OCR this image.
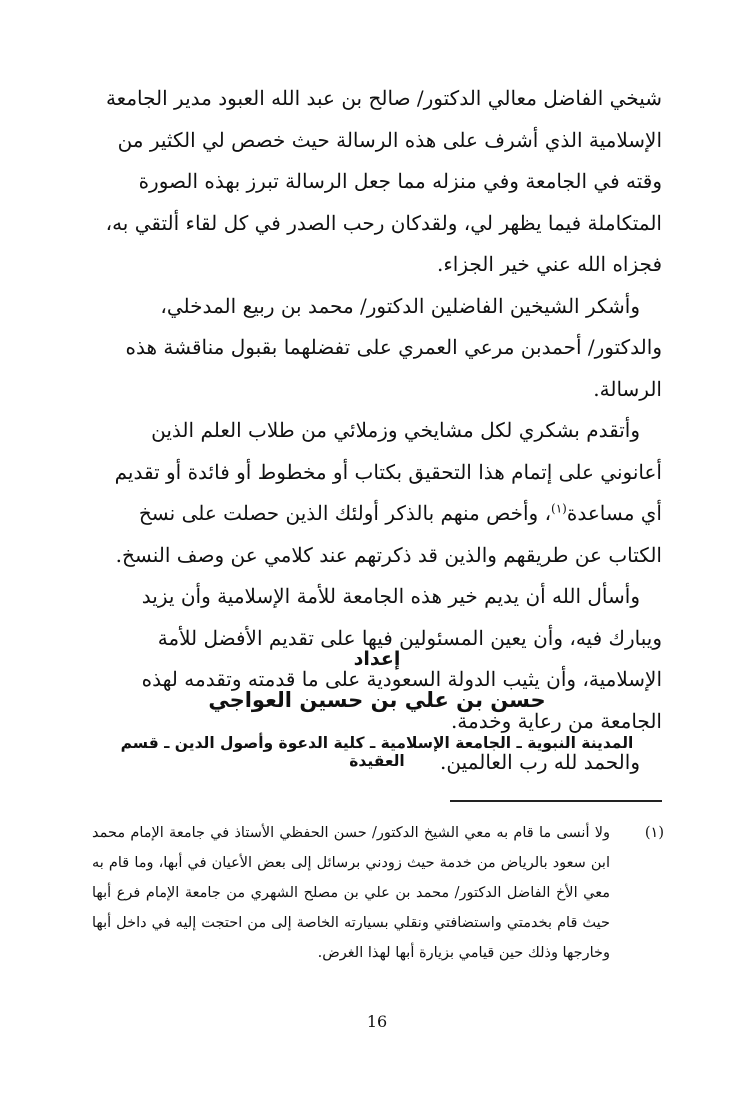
شيخي الفاضل معالي الدكتور/ صالح بن عبد الله العبود مدير الجامعة الإسلامية الذي أشرف على هذه الرسالة حيث خصص لي الكثير من وقته في الجامعة وفي منزله مما جعل الرسالة تبرز بهذه الصورة المتكاملة فيما يظهر لي، ولقدكان رحب الصدر في كل لقاء ألتقي به، فجزاه الله عني خير الجزاء.

وأشكر الشيخين الفاضلين الدكتور/ محمد بن ربيع المدخلي، والدكتور/ أحمدبن مرعي العمري على تفضلهما بقبول مناقشة هذه الرسالة.

وأتقدم بشكري لكل مشايخي وزملائي من طلاب العلم الذين أعانوني على إتمام هذا التحقيق بكتاب أو مخطوط أو فائدة أو تقديم أي مساعدة$^{(١)}$، وأخص منهم بالذكر أولئك الذين حصلت على نسخ الكتاب عن طريقهم والذين قد ذكرتهم عند كلامي عن وصف النسخ.

وأسأل الله أن يديم خير هذه الجامعة للأمة الإسلامية وأن يزيد ويبارك فيه، وأن يعين المسئولين فيها على تقديم الأفضل للأمة الإسلامية، وأن يثيب الدولة السعودية على ما قدمته وتقدمه لهذه الجامعة من رعاية وخدمة.

والحمد لله رب العالمين.

إعداد
حسن بن علي بن حسين العواجي
المدينة النبوية ـ الجامعة الإسلامية ـ كلية الدعوة وأصول الدين ـ قسم العقيدة
(١)
ولا أنسى ما قام به معي الشيخ الدكتور/ حسن الحفظي الأستاذ في جامعة الإمام محمد ابن سعود بالرياض من خدمة حيث زودني برسائل إلى بعض الأعيان في أبها، وما قام به معي الأخ الفاضل الدكتور/ محمد بن علي بن مصلح الشهري من جامعة الإمام فرع أبها حيث قام بخدمتي واستضافتي ونقلي بسيارته الخاصة إلى من احتجت إليه في داخل أبها وخارجها وذلك حين قيامي بزيارة أبها لهذا الغرض.
16
